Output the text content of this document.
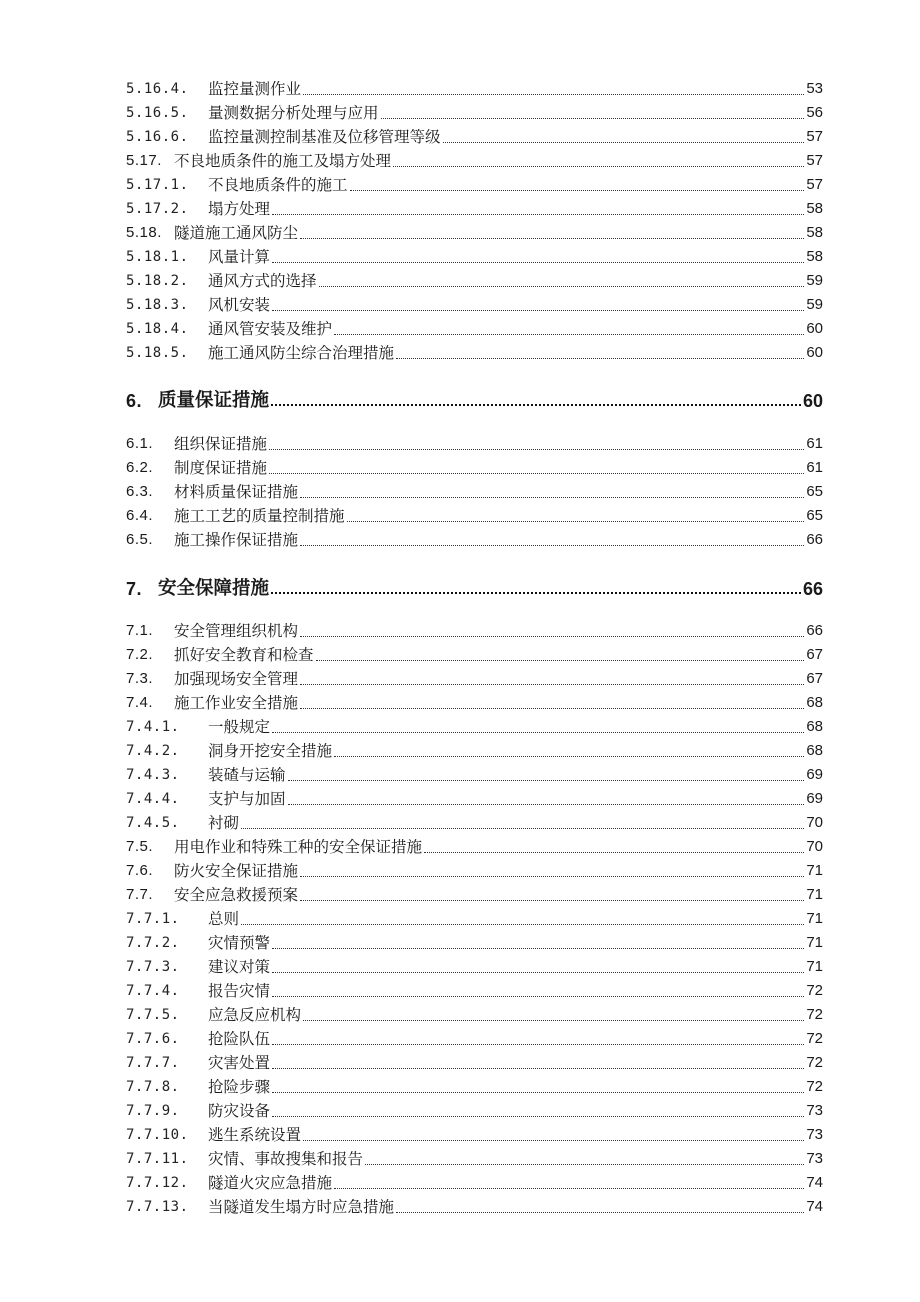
5.16.4.	监控量测作业	53
5.16.5.	量测数据分析处理与应用	56
5.16.6.	监控量测控制基准及位移管理等级	57
5.17. 不良地质条件的施工及塌方处理	57
5.17.1.	不良地质条件的施工	57
5.17.2.	塌方处理	58
5.18. 隧道施工通风防尘	58
5.18.1.	风量计算	58
5.18.2.	通风方式的选择	59
5.18.3.	风机安装	59
5.18.4.	通风管安装及维护	60
5.18.5.	施工通风防尘综合治理措施	60
6. 质量保证措施	60
6.1.	组织保证措施	61
6.2.	制度保证措施	61
6.3.	材料质量保证措施	65
6.4.	施工工艺的质量控制措施	65
6.5.	施工操作保证措施	66
7. 安全保障措施	66
7.1.	安全管理组织机构	66
7.2.	抓好安全教育和检查	67
7.3.	加强现场安全管理	67
7.4.	施工作业安全措施	68
7.4.1.	一般规定	68
7.4.2.	洞身开挖安全措施	68
7.4.3.	装碴与运输	69
7.4.4.	支护与加固	69
7.4.5.	衬砌	70
7.5.	用电作业和特殊工种的安全保证措施	70
7.6.	防火安全保证措施	71
7.7.	安全应急救援预案	71
7.7.1.	总则	71
7.7.2.	灾情预警	71
7.7.3.	建议对策	71
7.7.4.	报告灾情	72
7.7.5.	应急反应机构	72
7.7.6.	抢险队伍	72
7.7.7.	灾害处置	72
7.7.8.	抢险步骤	72
7.7.9.	防灾设备	73
7.7.10.	逃生系统设置	73
7.7.11.	灾情、事故搜集和报告	73
7.7.12.	隧道火灾应急措施	74
7.7.13.	当隧道发生塌方时应急措施	74
